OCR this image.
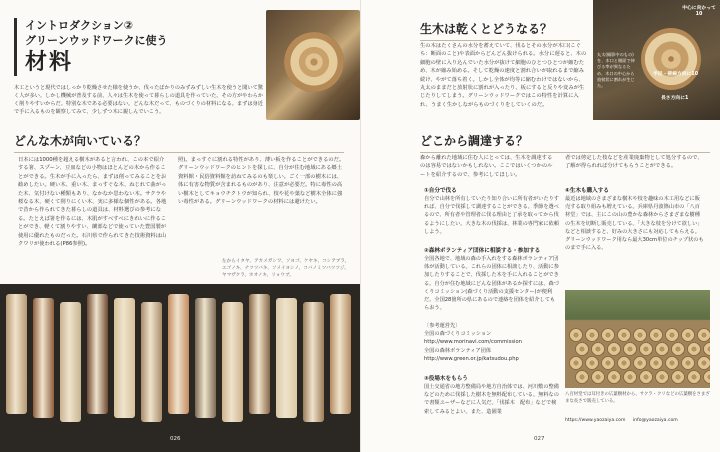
イントロダクション②
グリーンウッドワークに使う
材料
木工というと現代ではしっかり乾燥させた様を使うか、伐ったばかりのみずみずしい生木を使うと聞いて驚く人が多い。しかし機械が普及する前、人々は生木を使って暮らしの道具を作っていた。その方がやわらかく削りやすいからだ。特別な木である必要はない。どんな木だって、ものづくりの材料になる。まずは身近で手に入るものを観察してみて、少しずつ木に親しんでいこう。
どんな木が向いている？
日本には1000種を超える樹木があると言われ、この本で紹介する箸、スプーン、豆皿などの小物はほとんどの木から作ることができる。生木が手に入ったら、まずは削ってみることをお勧めしたい。硬い木、重い木、まっすぐな木、ねじれて曲がった木、気付けない種類もあり、なかなか思わない木。サクラや桜なる木、硬くて削りにくい木、実に多様な個性がある。各地で昔から作られてきた暮らしの道具は、材料選びの参考になる。たとえば箸を作るには、木肌がすべすべにきれいに作ることができ、軽くて割りやすい、蘭部などで使っていた豊国製が使用に優れたものだった。石川県で作られてきた技術資料は山クワリが使われる(P86参照)。
照)。まっすぐに割れる特性があり、薄い板を作ることができるのだ。グリーンウッドワークのヒントを探しに、自分が住む地域にある郷土資料館・民俗資料館を訪ねてみるのも楽しい。ごく一部の樹木には、体に有害な物質が含まれるものがあり、注意が必要だ。特に毒性の高い樹木としてキョウチクトウが知られ、枝や花や葉など樹木全体に強い毒性がある。グリーンウッドワークの材料には避けたい。
左からイタヤ、アカメガシワ、ソヨゴ、ケヤキ、コシアブラ、エゴノキ、ナツツバキ、ソメイヨシノ、コバノミツバツツジ、ヤマザクラ、ホオノキ、リョウブ。
026
生木は乾くとどうなる？
生の木はたくさんの水分を蓄えていて、伐るとその水分が木口(こぐち：断面のこと)や表面からどんどん抜けられる。水分に遅ると、木の細胞の壁に入り込んでいた水分が抜けて細胞のひとつひとつが縮むため、木が縮み始める。そして乾燥の速度と割れ合いが取れるまで縮み続け、やがて落ち着く。しかし全体が均等に縮むわけではないから、丸太のままだと放射状に割れが入ったり、板にすると反りや変みが生じたりしてしまう。グリーンウッドワークではこの特性を計算に入れ、うまく生かしながらものづくりをしていくのだ。
丸太(撮影中のもの)を、木口と側面で伸びる率が異なるため、木口の中心から放射状に割れが生じた。
中心に向かって10
半径・接線方向に10
長さ方向に1
どこから調達する？
森から離れた地域に住む人にとっては、生木を調達するのは容易ではないかもしれない。ここではいくつかのルートを紹介するので、参考にしてほしい。
①自分で伐る
自分で山林を所有していたり知り合いに所有者がいたりすれば、自分で伐採して調達することができる。季節を選べるので、所有者や管理者に伐る理由と了承を取ってから伐るようにしたい。大きな木の伐採は、林業の専門家に依頼しよう。
②森林ボランティア団体に相談する・参加する
全国各地で、地域の森の手入れをする森林ボランティア団体が活動している。これらの団体に相談したり、活動に参加したりすることで、伐採した木を手に入れることができる。自分が住む地域にどんな団体があるか探すには、森づくりコミッション(森づくり活動の支援センター)が便利だ。全国28箇所の県にあるので連絡を団体を紹介してもらおう。
〔参考運営先〕
全国の森づくりコミッション
http://www.morinavi.com/commission
全国の森林ボランティア団体
http://www.green.or.jp/katsudou.php
③役場木をもらう
国土交通省の地方整備局や地方自治体では、河川敷の整備などのために伐採した樹木を無料配布している。無料なので書類ユーザーなどに人気だ。「伐採木　配布」などで検索してみるとよい。また、造園業
者では剪定した枝などを産業廃棄物として処分するので、了解が得られれば分けてもらうことができる。
④生木も購入する
最近は地域のさまざまな樹木や枝を趣味の木工用などに販売する取り組みも増えている。兵庫県丹波篠山市の「八百材堂」では、主にこの山の豊かな森林からさまざまな樹種の生木を切断し販売している。「大きな枝を分けて欲しい」などと相談すると、好みの大きさにも対応してもらえる。グリーンウッドワーク用なら最大30cm単位のチップ状のものまで手に入る。
八百材堂では耳付きの広葉樹材から、サクラ・クリなどの広葉樹をさまざまな長さで販売している。
https://www.yaozaiya.com info@yaozaiya.com
027
